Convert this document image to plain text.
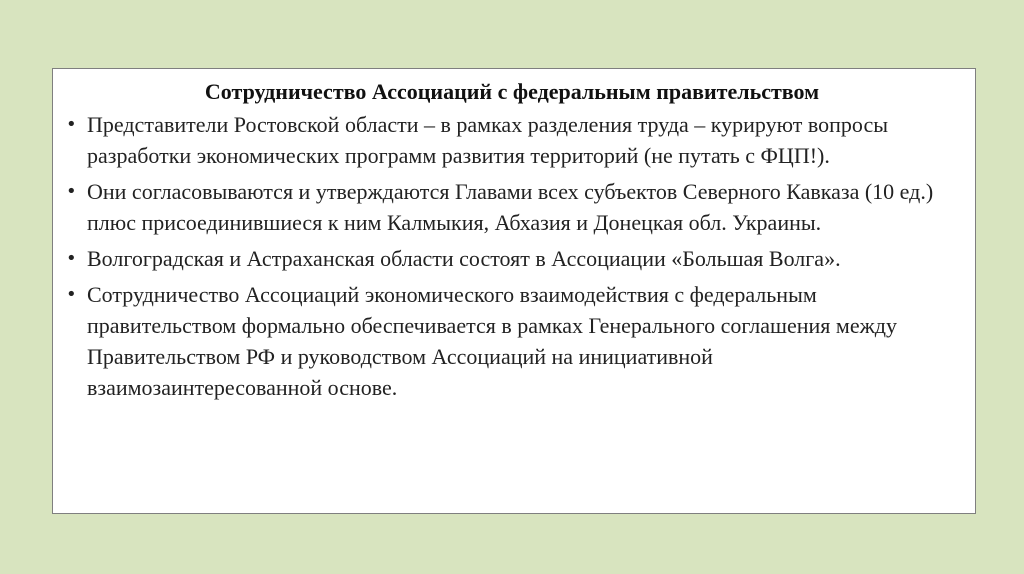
Сотрудничество Ассоциаций с федеральным правительством
• Представители Ростовской области – в рамках разделения труда – курируют вопросы разработки экономических программ развития территорий (не путать с ФЦП!).
• Они согласовываются и утверждаются Главами всех субъектов Северного Кавказа (10 ед.) плюс присоединившиеся к ним Калмыкия, Абхазия и Донецкая обл. Украины.
• Волгоградская и Астраханская области состоят в Ассоциации «Большая Волга».
• Сотрудничество Ассоциаций экономического взаимодействия с федеральным правительством формально обеспечивается в рамках Генерального соглашения между Правительством РФ и руководством Ассоциаций на инициативной взаимозаинтересованной основе.
